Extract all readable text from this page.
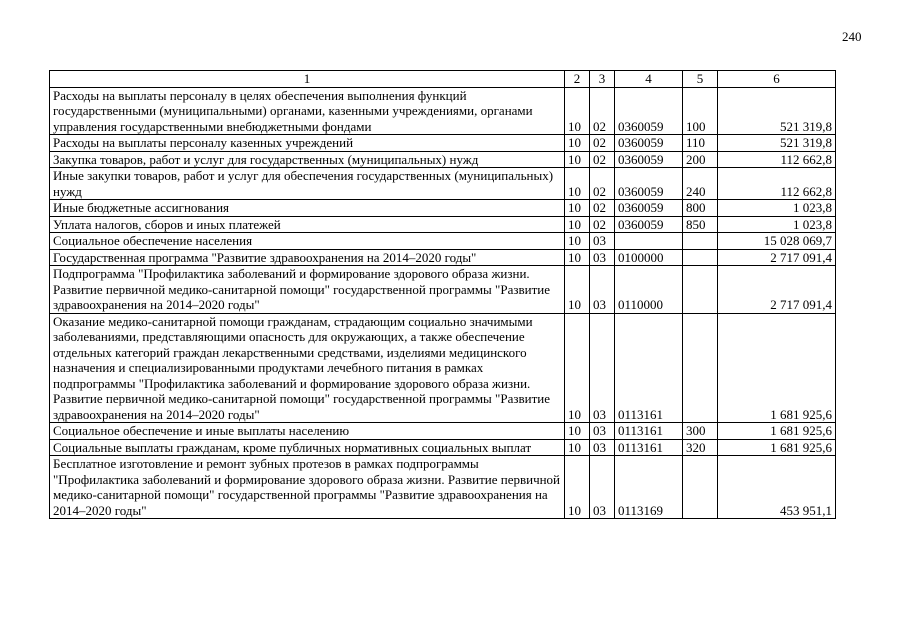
240
1	2	3	4	5	6
Расходы на выплаты персоналу в целях обеспечения выполнения функций государственными (муниципальными) органами, казенными учреждениями, органами управления государственными внебюджетными фондами	10	02	0360059	100	521 319,8
Расходы на выплаты персоналу казенных учреждений	10	02	0360059	110	521 319,8
Закупка товаров, работ и услуг для государственных (муниципальных) нужд	10	02	0360059	200	112 662,8
Иные закупки товаров, работ и услуг для обеспечения государственных (муниципальных) нужд	10	02	0360059	240	112 662,8
Иные бюджетные ассигнования	10	02	0360059	800	1 023,8
Уплата налогов, сборов и иных платежей	10	02	0360059	850	1 023,8
Социальное обеспечение населения	10	03			15 028 069,7
Государственная программа "Развитие здравоохранения на 2014–2020 годы"	10	03	0100000		2 717 091,4
Подпрограмма "Профилактика заболеваний и формирование здорового образа жизни. Развитие первичной медико-санитарной помощи" государственной программы "Развитие здравоохранения на 2014–2020 годы"	10	03	0110000		2 717 091,4
Оказание медико-санитарной помощи гражданам, страдающим социально значимыми заболеваниями, представляющими опасность для окружающих, а также обеспечение отдельных категорий граждан лекарственными средствами, изделиями медицинского назначения и специализированными продуктами лечебного питания в рамках подпрограммы "Профилактика заболеваний и формирование здорового образа жизни. Развитие первичной медико-санитарной помощи" государственной программы "Развитие здравоохранения на 2014–2020 годы"	10	03	0113161		1 681 925,6
Социальное обеспечение и иные выплаты населению	10	03	0113161	300	1 681 925,6
Социальные выплаты гражданам, кроме публичных нормативных социальных выплат	10	03	0113161	320	1 681 925,6
Бесплатное изготовление и ремонт зубных протезов в рамках подпрограммы "Профилактика заболеваний и формирование здорового образа жизни. Развитие первичной медико-санитарной помощи" государственной программы "Развитие здравоохранения на 2014–2020 годы"	10	03	0113169		453 951,1
